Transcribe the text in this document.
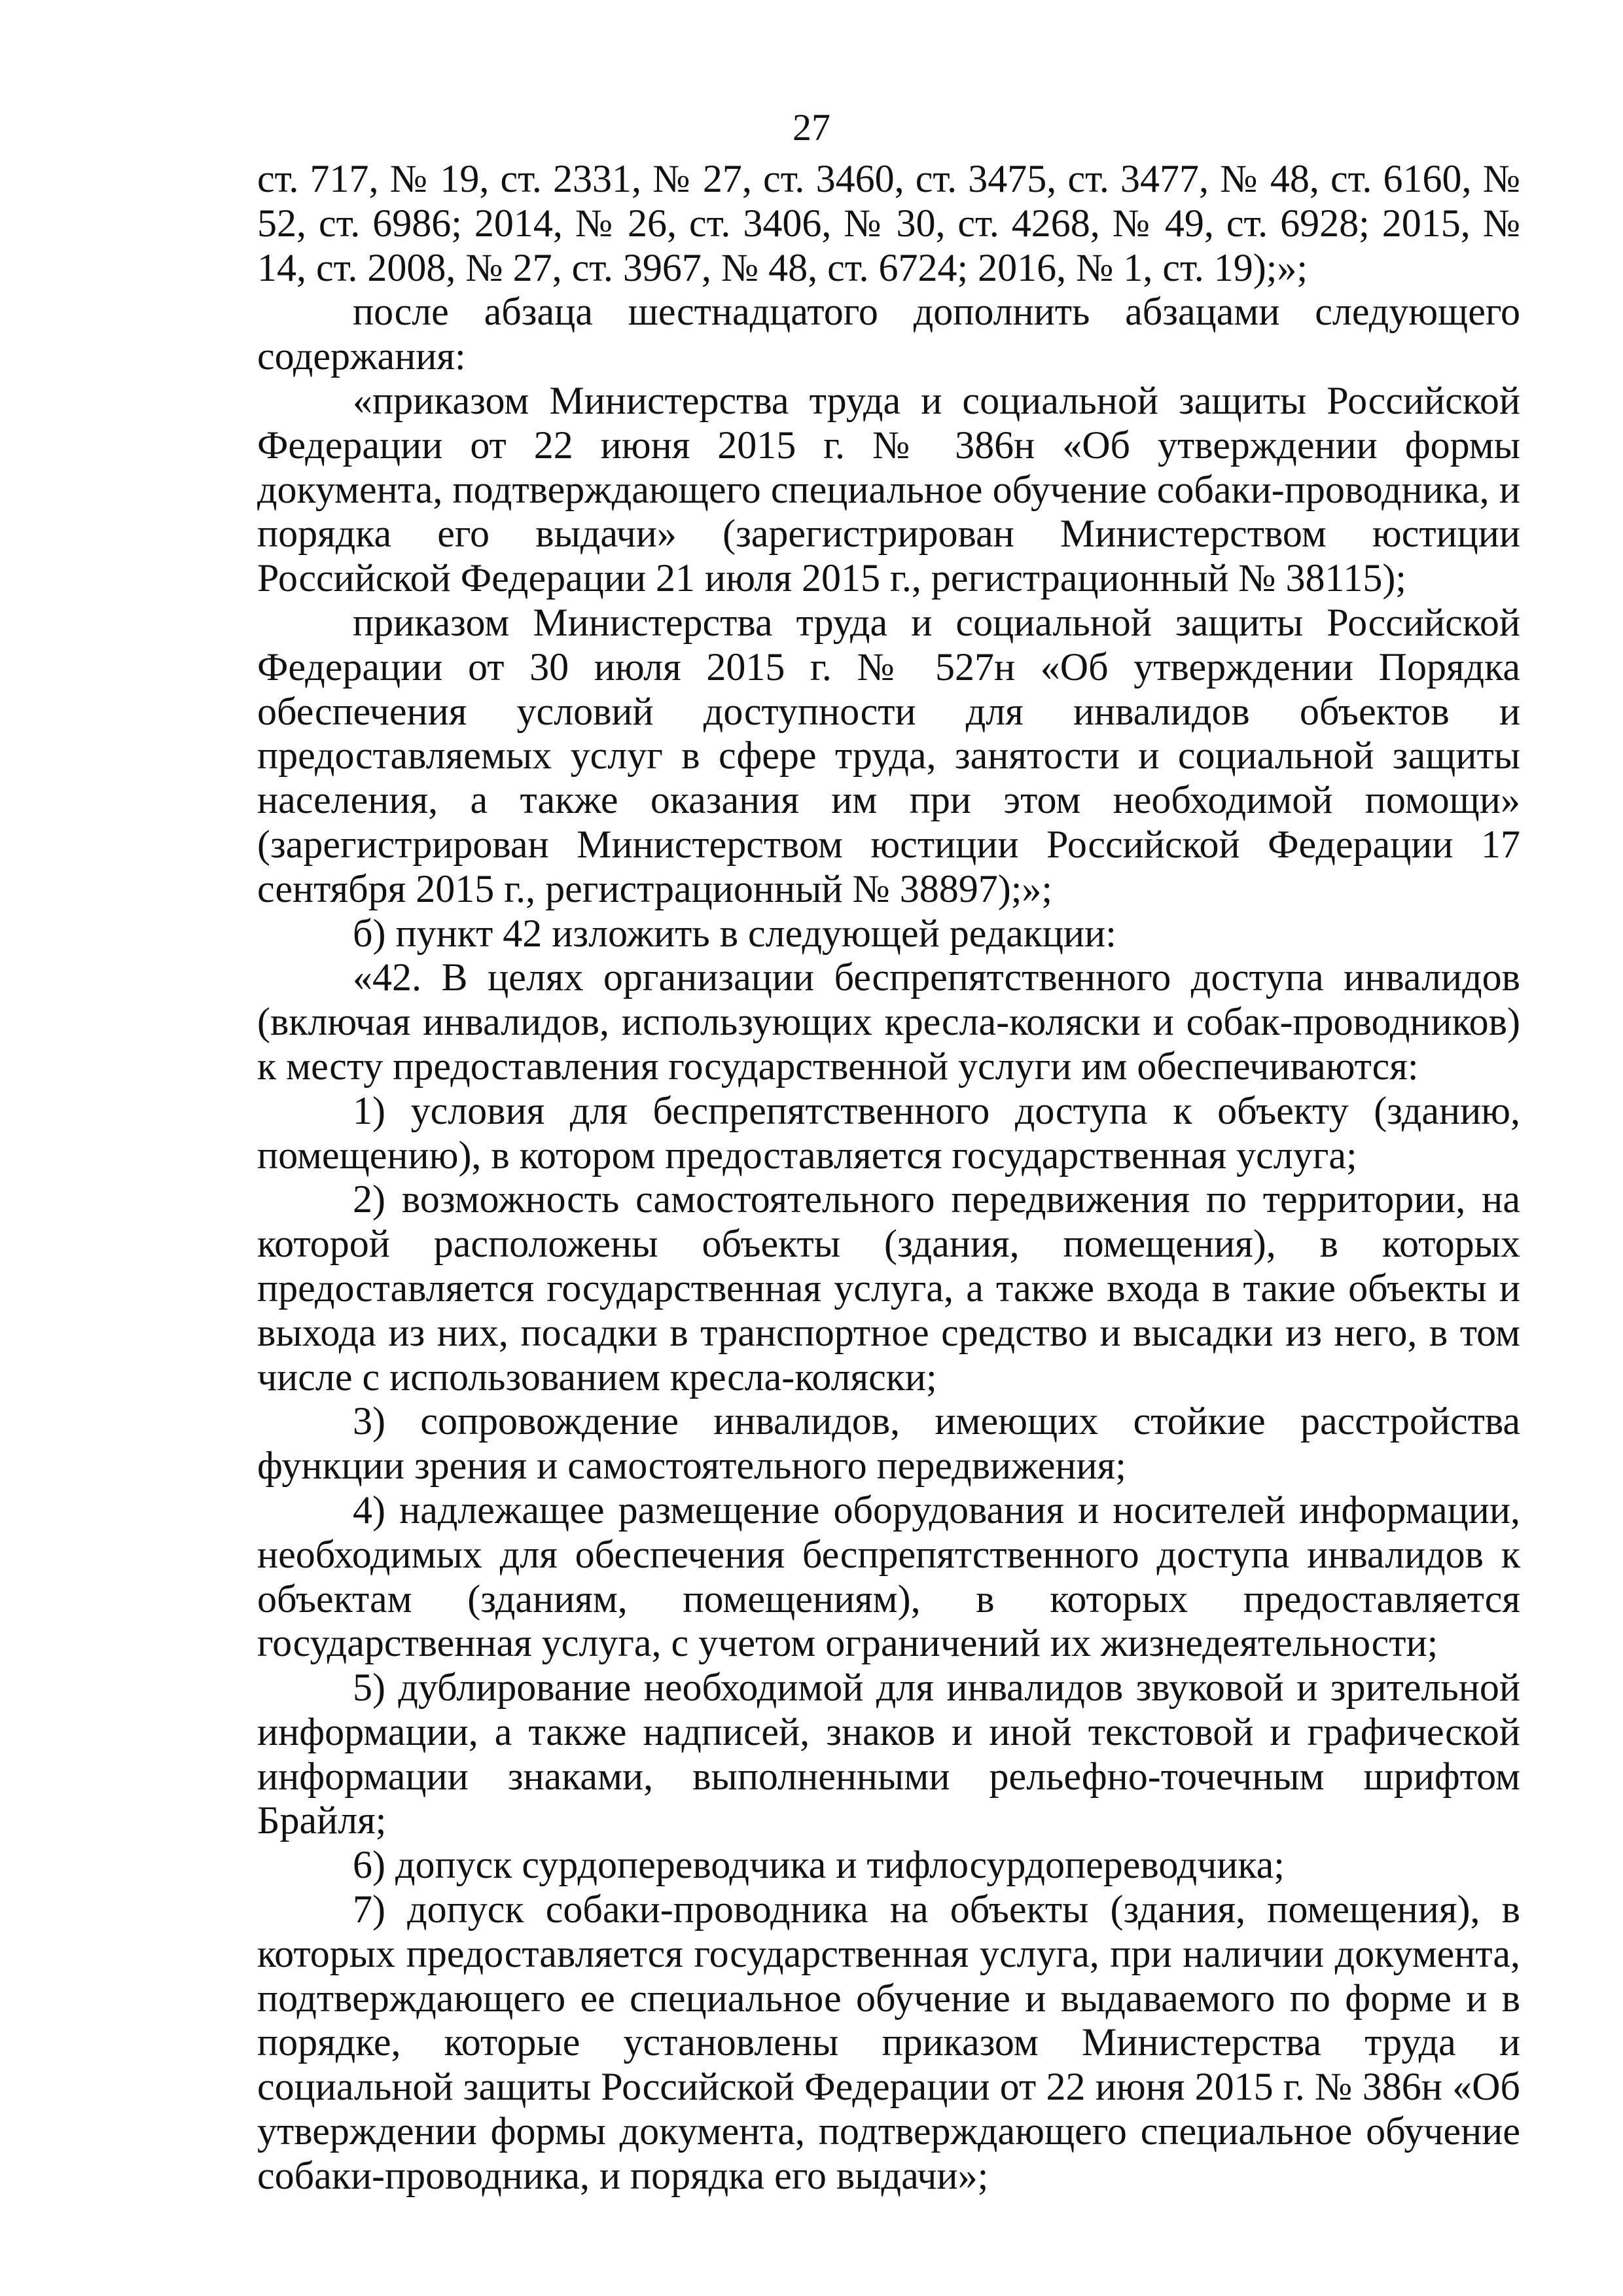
27

ст. 717, № 19, ст. 2331, № 27, ст. 3460, ст. 3475, ст. 3477, № 48, ст. 6160, № 52, ст. 6986; 2014, № 26, ст. 3406, № 30, ст. 4268, № 49, ст. 6928; 2015, № 14, ст. 2008, № 27, ст. 3967, № 48, ст. 6724; 2016, № 1, ст. 19);»;

после абзаца шестнадцатого дополнить абзацами следующего содержания:

«приказом Министерства труда и социальной защиты Российской Федерации от 22 июня 2015 г. № 386н «Об утверждении формы документа, подтверждающего специальное обучение собаки-проводника, и порядка его выдачи» (зарегистрирован Министерством юстиции Российской Федерации 21 июля 2015 г., регистрационный № 38115);

приказом Министерства труда и социальной защиты Российской Федерации от 30 июля 2015 г. № 527н «Об утверждении Порядка обеспечения условий доступности для инвалидов объектов и предоставляемых услуг в сфере труда, занятости и социальной защиты населения, а также оказания им при этом необходимой помощи» (зарегистрирован Министерством юстиции Российской Федерации 17 сентября 2015 г., регистрационный № 38897);»;

б) пункт 42 изложить в следующей редакции:

«42. В целях организации беспрепятственного доступа инвалидов (включая инвалидов, использующих кресла-коляски и собак-проводников) к месту предоставления государственной услуги им обеспечиваются:

1) условия для беспрепятственного доступа к объекту (зданию, помещению), в котором предоставляется государственная услуга;

2) возможность самостоятельного передвижения по территории, на которой расположены объекты (здания, помещения), в которых предоставляется государственная услуга, а также входа в такие объекты и выхода из них, посадки в транспортное средство и высадки из него, в том числе с использованием кресла-коляски;

3) сопровождение инвалидов, имеющих стойкие расстройства функции зрения и самостоятельного передвижения;

4) надлежащее размещение оборудования и носителей информации, необходимых для обеспечения беспрепятственного доступа инвалидов к объектам (зданиям, помещениям), в которых предоставляется государственная услуга, с учетом ограничений их жизнедеятельности;

5) дублирование необходимой для инвалидов звуковой и зрительной информации, а также надписей, знаков и иной текстовой и графической информации знаками, выполненными рельефно-точечным шрифтом Брайля;

6) допуск сурдопереводчика и тифлосурдопереводчика;

7) допуск собаки-проводника на объекты (здания, помещения), в которых предоставляется государственная услуга, при наличии документа, подтверждающего ее специальное обучение и выдаваемого по форме и в порядке, которые установлены приказом Министерства труда и социальной защиты Российской Федерации от 22 июня 2015 г. № 386н «Об утверждении формы документа, подтверждающего специальное обучение собаки-проводника, и порядка его выдачи»;
